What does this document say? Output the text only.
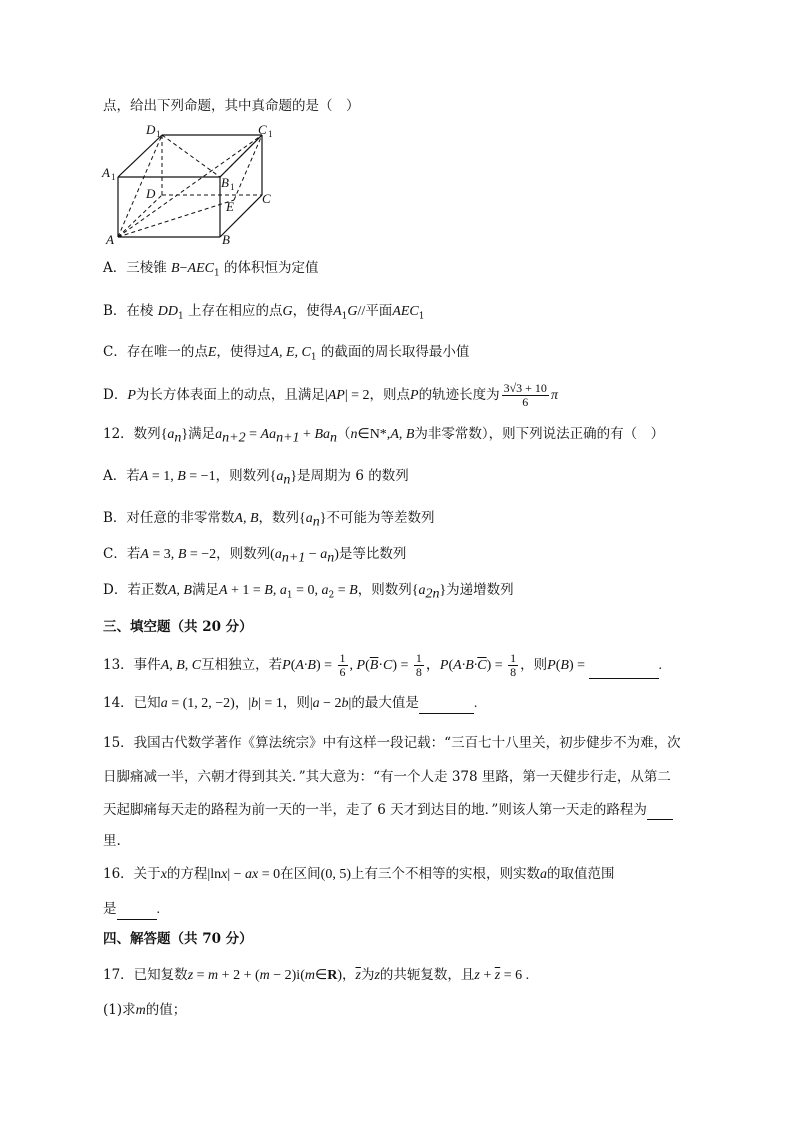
点，给出下列命题，其中真命题的是（　）
D 1	C 1
A 1	B 1
D
E
C
A	B
A．三棱锥 $B-AEC_1$ 的体积恒为定值
B．在棱 $DD_1$ 上存在相应的点G，使得$A_1G//$平面$AEC_1$
C．存在唯一的点E，使得过A, E, $C_1$ 的截面的周长取得最小值
D．P为长方体表面上的动点，且满足|AP| = 2，则点P的轨迹长度为 $\frac{3√3 + 10}{6}$ π
12．数列$\{a_n\}$满足$a_{n+2} = Aa_{n+1}$ + $Ba_n(n\in N*,A$, B为非零常数），则下列说法正确的有（　）
A．若A = 1, B = −1，则数列$\{a_n\}$是周期为 6 的数列
B．对任意的非零常数A, B，数列$\{a_n\}$不可能为等差数列
C．若A = 3, B = −2，则数列$(a_{n+1} - a_n)$是等比数列
D．若正数A, B满足A + 1 = B, $a_1 = 0$, $a_2 = B$，则数列$\{a_{2n}\}$为递增数列
三、填空题（共 20 分）
13．事件A, B, C互相独立，若$P(A\cdot B) = \frac{1}{6}$ , $P(\overline{B}\cdot C) = \frac{1}{8}$ ，$P(A\cdot B\cdot\overline{C}) = \frac{1}{8}$ ，则P(B) =	.
14．已知a = (1, 2, −2)，|b| = 1，则|a − 2b|的最大值是	.
15．我国古代数学著作《算法统宗》中有这样一段记载：“三百七十八里关，初步健步不为难，次
日脚痛减一半，六朝才得到其关．”其大意为：“有一个人走 378 里路，第一天健步行走，从第二
天起脚痛每天走的路程为前一天的一半，走了 6 天才到达目的地．”则该人第一天走的路程为
里.
16．关于x的方程|lnx| − ax = 0在区间(0, 5)上有三个不相等的实根，则实数a的取值范围
是	.
四、解答题（共 70 分）
17．已知复数z = m + 2 + (m − 2)i(m∈R)，$\overline{z}$为z的共轭复数，且$z + \overline{z} = 6$ .
(1)求m的值；
